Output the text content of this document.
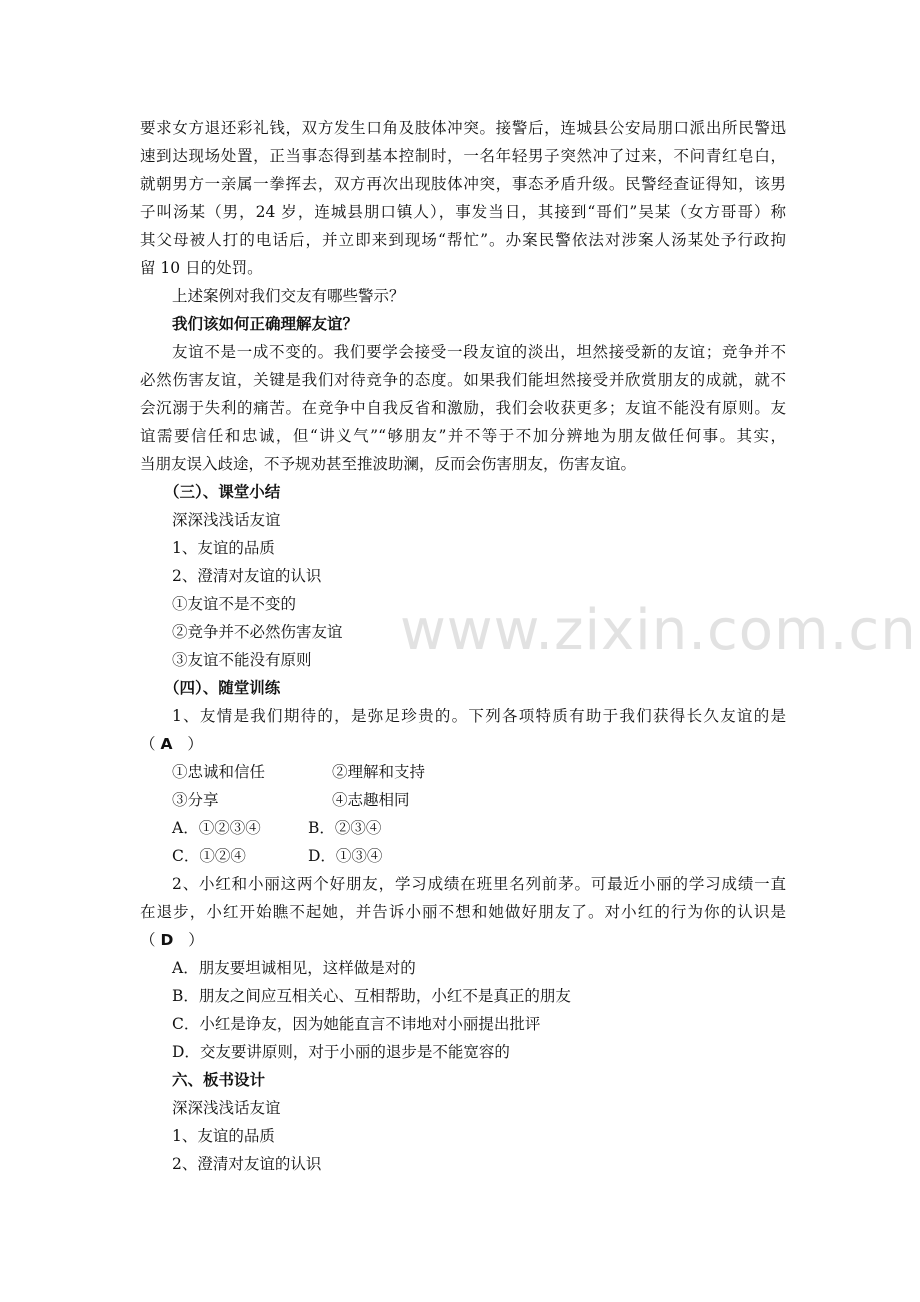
www.zixin.com.cn
要求女方退还彩礼钱，双方发生口角及肢体冲突。接警后，连城县公安局朋口派出所民警迅
速到达现场处置，正当事态得到基本控制时，一名年轻男子突然冲了过来，不问青红皂白，
就朝男方一亲属一拳挥去，双方再次出现肢体冲突，事态矛盾升级。民警经查证得知，该男
子叫汤某（男，24 岁，连城县朋口镇人），事发当日，其接到“哥们”吴某（女方哥哥）称
其父母被人打的电话后，并立即来到现场“帮忙”。办案民警依法对涉案人汤某处予行政拘
留 10 日的处罚。
上述案例对我们交友有哪些警示？
我们该如何正确理解友谊？
友谊不是一成不变的。我们要学会接受一段友谊的淡出，坦然接受新的友谊；竞争并不
必然伤害友谊，关键是我们对待竞争的态度。如果我们能坦然接受并欣赏朋友的成就，就不
会沉溺于失利的痛苦。在竞争中自我反省和激励，我们会收获更多；友谊不能没有原则。友
谊需要信任和忠诚，但“讲义气”“够朋友”并不等于不加分辨地为朋友做任何事。其实，
当朋友误入歧途，不予规劝甚至推波助澜，反而会伤害朋友，伤害友谊。
（三）、课堂小结
深深浅浅话友谊
1、友谊的品质
2、澄清对友谊的认识
①友谊不是不变的
②竞争并不必然伤害友谊
③友谊不能没有原则
（四）、随堂训练
1、友情是我们期待的，是弥足珍贵的。下列各项特质有助于我们获得长久友谊的是
（ A ）
①忠诚和信任	②理解和支持
③分享	④志趣相同
A．①②③④	B．②③④
C．①②④	D．①③④
2、小红和小丽这两个好朋友，学习成绩在班里名列前茅。可最近小丽的学习成绩一直
在退步，小红开始瞧不起她，并告诉小丽不想和她做好朋友了。对小红的行为你的认识是
（ D ）
A．朋友要坦诚相见，这样做是对的
B．朋友之间应互相关心、互相帮助，小红不是真正的朋友
C．小红是诤友，因为她能直言不讳地对小丽提出批评
D．交友要讲原则，对于小丽的退步是不能宽容的
六、板书设计
深深浅浅话友谊
1、友谊的品质
2、澄清对友谊的认识
